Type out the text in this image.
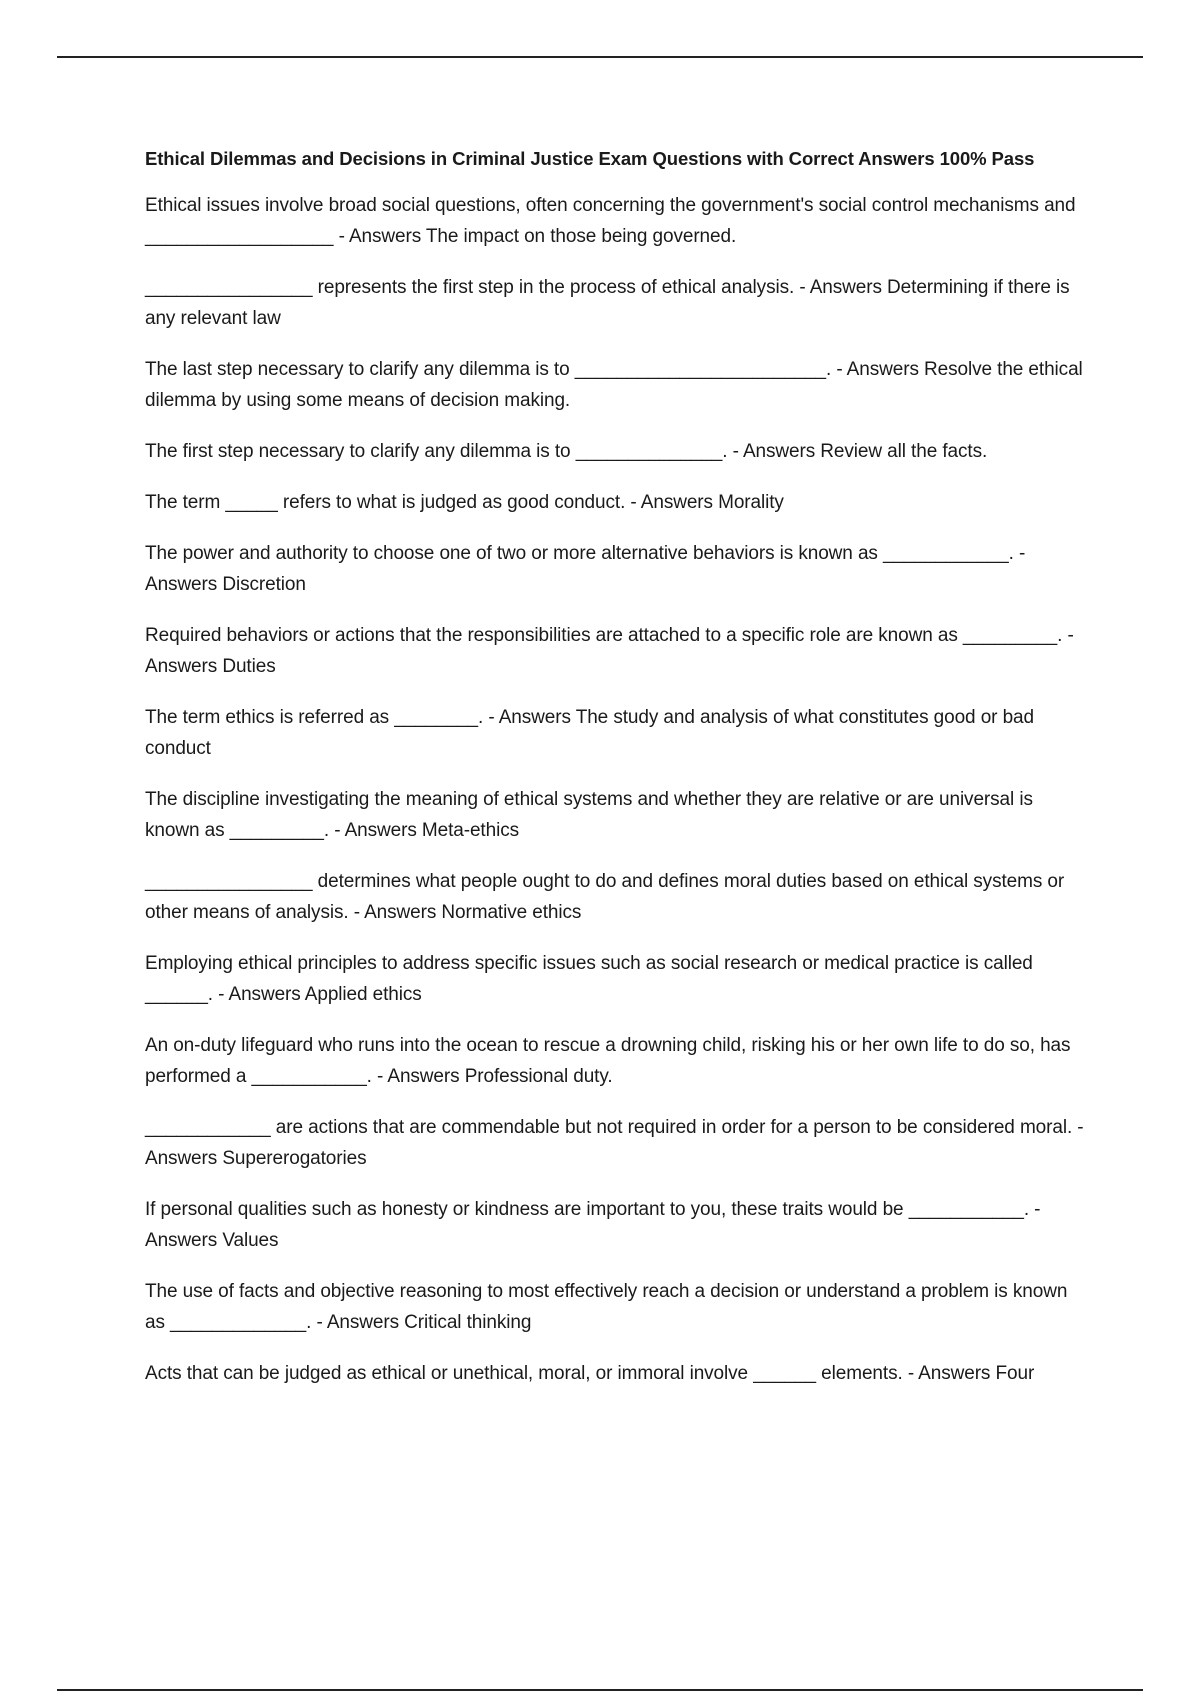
Ethical Dilemmas and Decisions in Criminal Justice Exam Questions with Correct Answers 100% Pass

Ethical issues involve broad social questions, often concerning the government's social control mechanisms and __________________ - Answers The impact on those being governed.

________________ represents the first step in the process of ethical analysis. - Answers Determining if there is any relevant law

The last step necessary to clarify any dilemma is to ________________________. - Answers Resolve the ethical dilemma by using some means of decision making.

The first step necessary to clarify any dilemma is to ______________. - Answers Review all the facts.

The term _____ refers to what is judged as good conduct. - Answers Morality

The power and authority to choose one of two or more alternative behaviors is known as ____________. - Answers Discretion

Required behaviors or actions that the responsibilities are attached to a specific role are known as _________. - Answers Duties

The term ethics is referred as ________. - Answers The study and analysis of what constitutes good or bad conduct

The discipline investigating the meaning of ethical systems and whether they are relative or are universal is known as _________. - Answers Meta-ethics

________________ determines what people ought to do and defines moral duties based on ethical systems or other means of analysis. - Answers Normative ethics

Employing ethical principles to address specific issues such as social research or medical practice is called ______. - Answers Applied ethics

An on-duty lifeguard who runs into the ocean to rescue a drowning child, risking his or her own life to do so, has performed a ___________. - Answers Professional duty.

____________ are actions that are commendable but not required in order for a person to be considered moral. - Answers Supererogatories

If personal qualities such as honesty or kindness are important to you, these traits would be ___________. - Answers Values

The use of facts and objective reasoning to most effectively reach a decision or understand a problem is known as _____________. - Answers Critical thinking

Acts that can be judged as ethical or unethical, moral, or immoral involve ______ elements. - Answers Four
